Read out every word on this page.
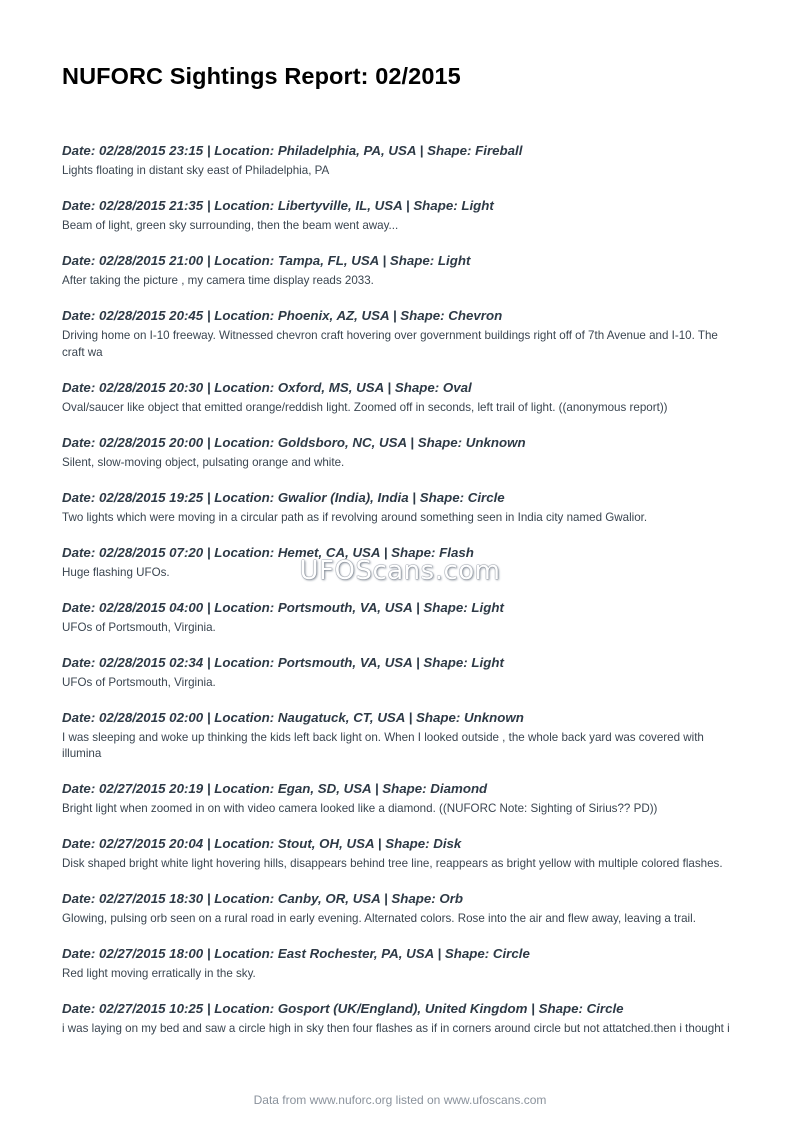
NUFORC Sightings Report: 02/2015
Date: 02/28/2015 23:15 | Location: Philadelphia, PA, USA | Shape: Fireball
Lights floating in distant sky east of Philadelphia, PA
Date: 02/28/2015 21:35 | Location: Libertyville, IL, USA | Shape: Light
Beam of light, green sky surrounding, then the beam went away...
Date: 02/28/2015 21:00 | Location: Tampa, FL, USA | Shape: Light
After taking the picture , my camera time display reads 2033.
Date: 02/28/2015 20:45 | Location: Phoenix, AZ, USA | Shape: Chevron
Driving home on I-10 freeway. Witnessed chevron craft hovering over government buildings right off of 7th Avenue and I-10. The craft wa
Date: 02/28/2015 20:30 | Location: Oxford, MS, USA | Shape: Oval
Oval/saucer like object that emitted orange/reddish light. Zoomed off in seconds, left trail of light. ((anonymous report))
Date: 02/28/2015 20:00 | Location: Goldsboro, NC, USA | Shape: Unknown
Silent, slow-moving object, pulsating orange and white.
Date: 02/28/2015 19:25 | Location: Gwalior (India), India | Shape: Circle
Two lights which were moving in a circular path as if revolving around something seen in India city named Gwalior.
Date: 02/28/2015 07:20 | Location: Hemet, CA, USA | Shape: Flash
Huge flashing UFOs.
Date: 02/28/2015 04:00 | Location: Portsmouth, VA, USA | Shape: Light
UFOs of Portsmouth, Virginia.
Date: 02/28/2015 02:34 | Location: Portsmouth, VA, USA | Shape: Light
UFOs of Portsmouth, Virginia.
Date: 02/28/2015 02:00 | Location: Naugatuck, CT, USA | Shape: Unknown
I was sleeping and woke up thinking the kids left back light on. When I looked outside , the whole back yard was covered with illumina
Date: 02/27/2015 20:19 | Location: Egan, SD, USA | Shape: Diamond
Bright light when zoomed in on with video camera looked like a diamond. ((NUFORC Note: Sighting of Sirius?? PD))
Date: 02/27/2015 20:04 | Location: Stout, OH, USA | Shape: Disk
Disk shaped bright white light hovering hills, disappears behind tree line, reappears as bright yellow with multiple colored flashes.
Date: 02/27/2015 18:30 | Location: Canby, OR, USA | Shape: Orb
Glowing, pulsing orb seen on a rural road in early evening. Alternated colors. Rose into the air and flew away, leaving a trail.
Date: 02/27/2015 18:00 | Location: East Rochester, PA, USA | Shape: Circle
Red light moving erratically in the sky.
Date: 02/27/2015 10:25 | Location: Gosport (UK/England), United Kingdom | Shape: Circle
i was laying on my bed and saw a circle high in sky then four flashes as if in corners around circle but not attatched.then i thought i
UFOScans.com
Data from www.nuforc.org listed on www.ufoscans.com
